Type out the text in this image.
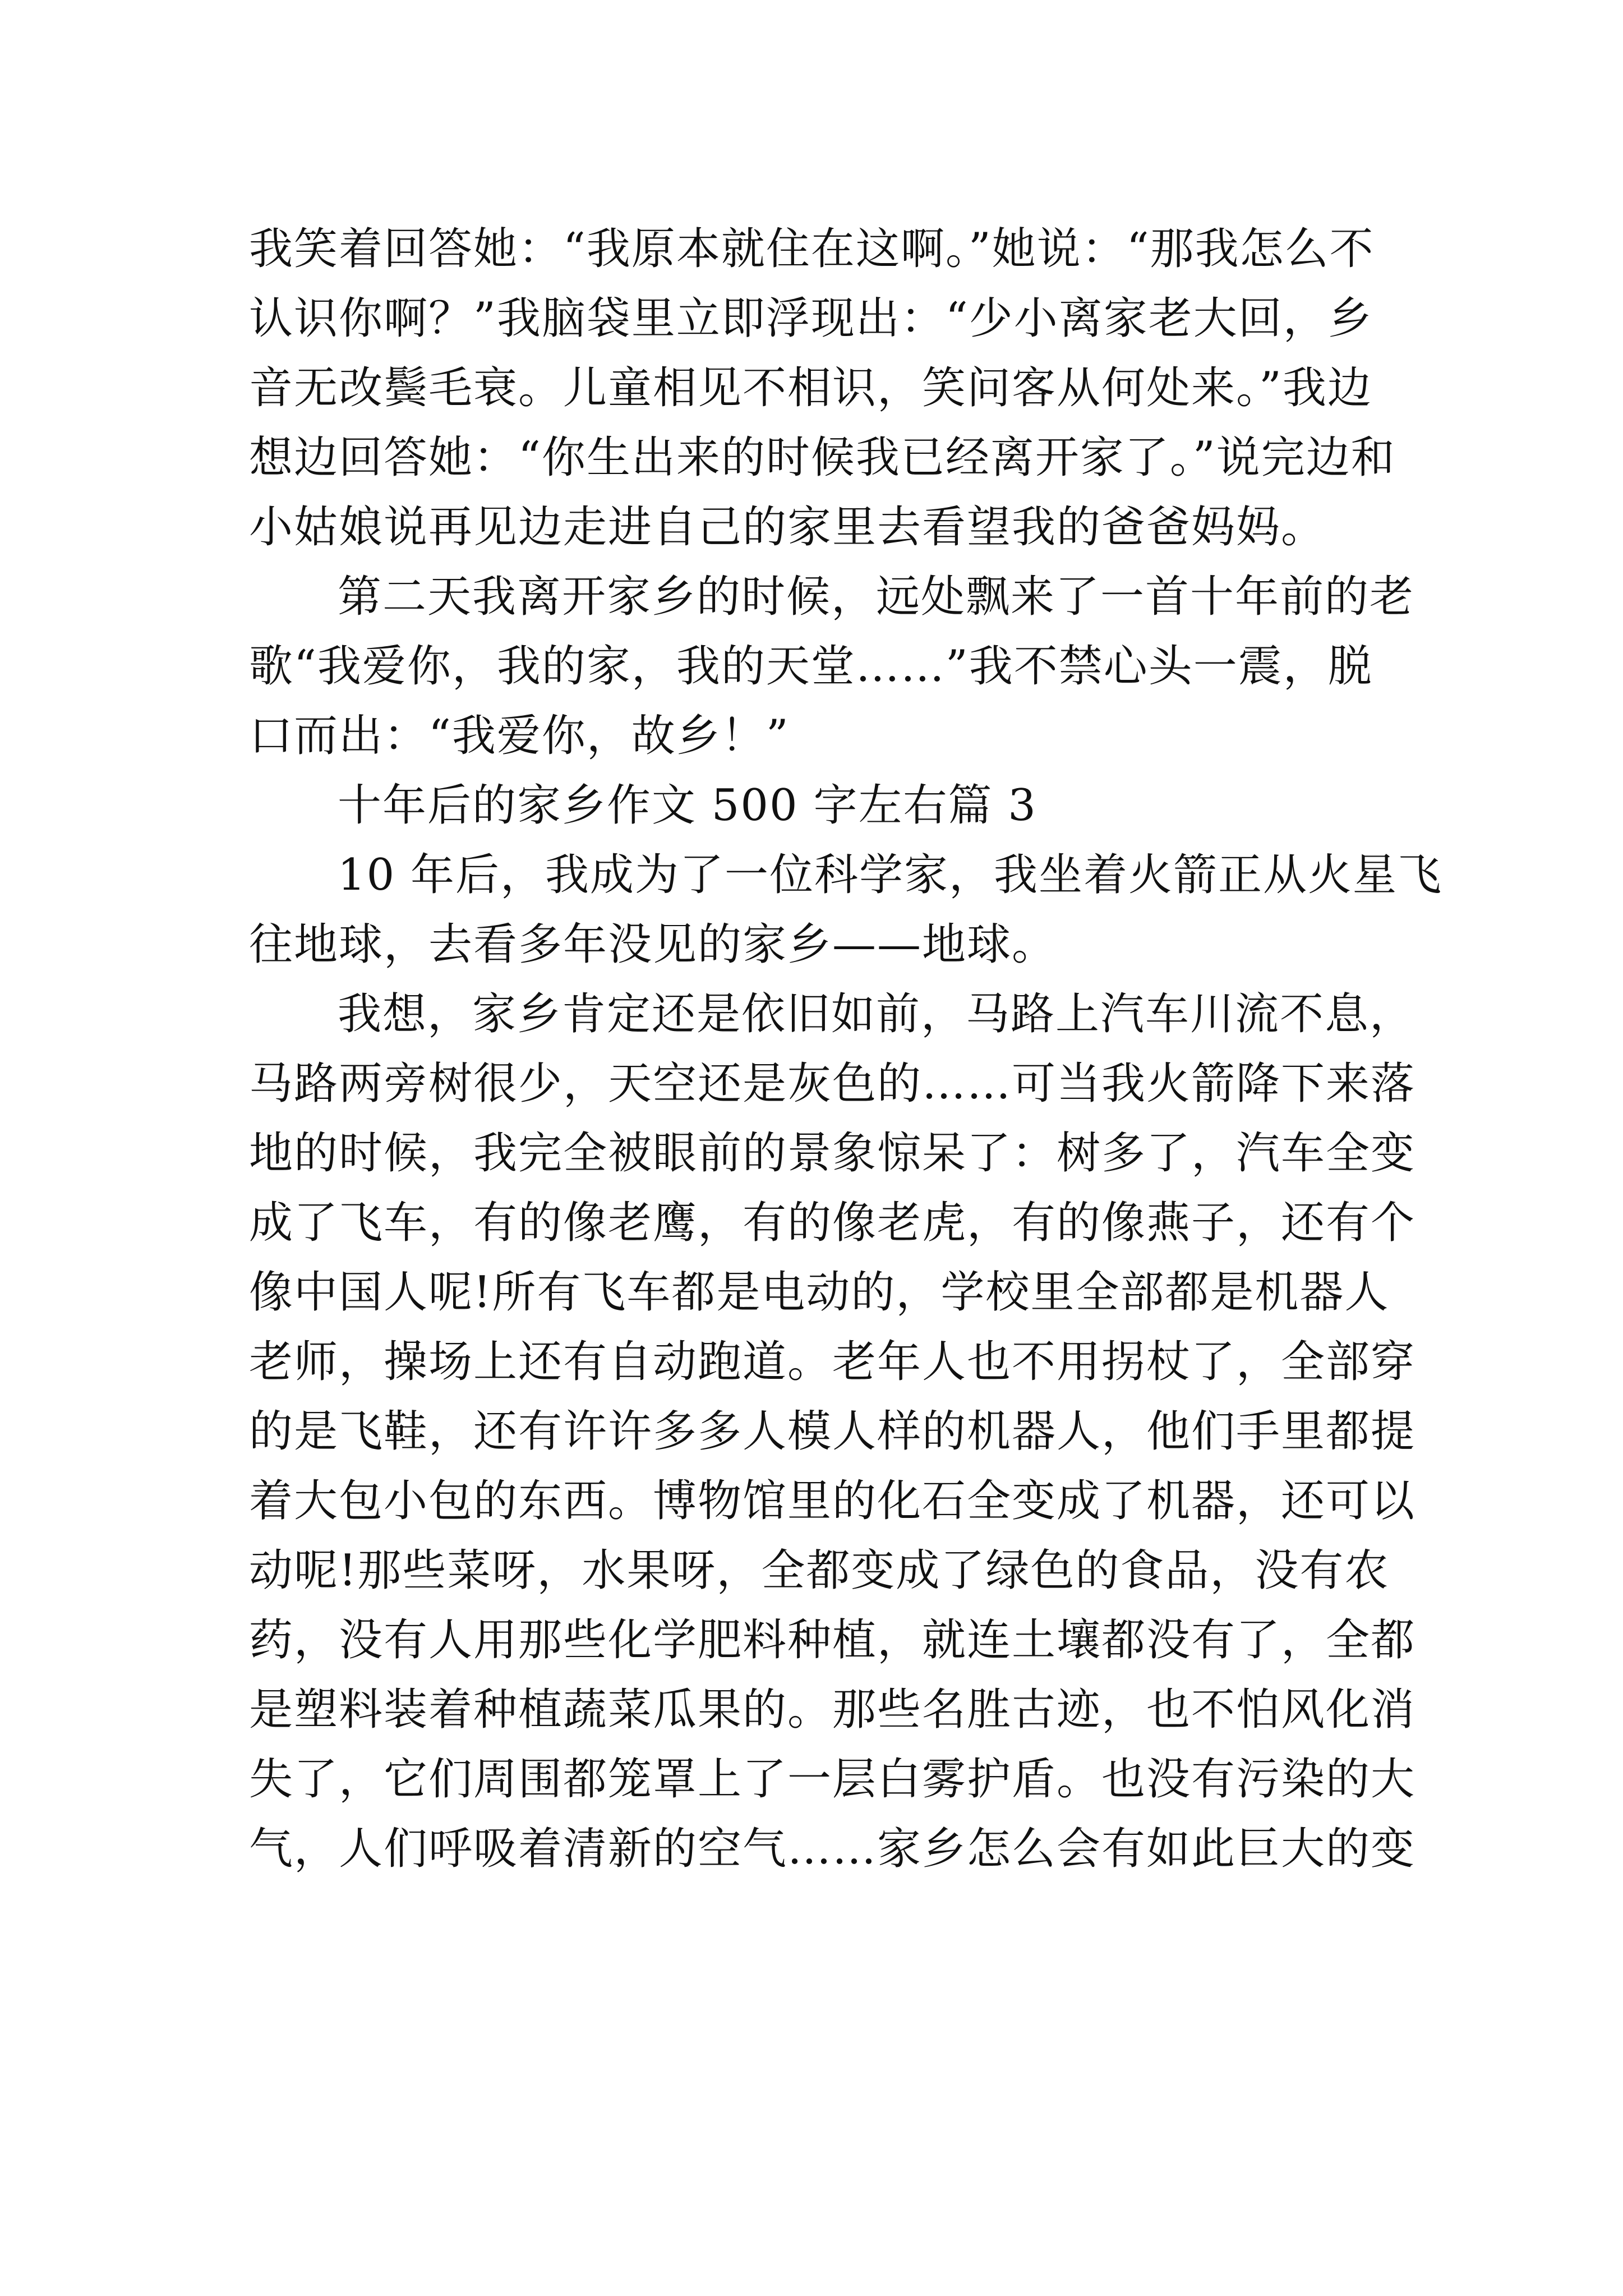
我笑着回答她：“我原本就住在这啊。”她说：“那我怎么不
认识你啊？”我脑袋里立即浮现出：“少小离家老大回，乡
音无改鬓毛衰。儿童相见不相识，笑问客从何处来。”我边
想边回答她：“你生出来的时候我已经离开家了。”说完边和
小姑娘说再见边走进自己的家里去看望我的爸爸妈妈。
第二天我离开家乡的时候，远处飘来了一首十年前的老
歌“我爱你，我的家，我的天堂……”我不禁心头一震，脱
口而出：“我爱你，故乡！”
十年后的家乡作文 500 字左右篇 3
10 年后，我成为了一位科学家，我坐着火箭正从火星飞
往地球，去看多年没见的家乡——地球。
我想，家乡肯定还是依旧如前，马路上汽车川流不息，
马路两旁树很少，天空还是灰色的……可当我火箭降下来落
地的时候，我完全被眼前的景象惊呆了：树多了，汽车全变
成了飞车，有的像老鹰，有的像老虎，有的像燕子，还有个
像中国人呢!所有飞车都是电动的，学校里全部都是机器人
老师，操场上还有自动跑道。老年人也不用拐杖了，全部穿
的是飞鞋，还有许许多多人模人样的机器人，他们手里都提
着大包小包的东西。博物馆里的化石全变成了机器，还可以
动呢!那些菜呀，水果呀，全都变成了绿色的食品，没有农
药，没有人用那些化学肥料种植，就连土壤都没有了，全都
是塑料装着种植蔬菜瓜果的。那些名胜古迹，也不怕风化消
失了，它们周围都笼罩上了一层白雾护盾。也没有污染的大
气，人们呼吸着清新的空气……家乡怎么会有如此巨大的变
